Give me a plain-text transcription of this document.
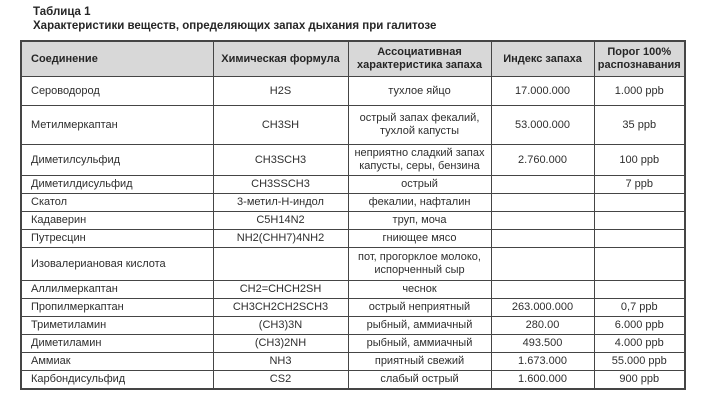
Таблица 1
Характеристики веществ, определяющих запах дыхания при галитозе
Соединение	Химическая формула	Ассоциативная характеристика запаха	Индекс запаха	Порог 100% распознавания
Сероводород	H2S	тухлое яйцо	17.000.000	1.000 ppb
Метилмеркаптан	CH3SH	острый запах фекалий, тухлой капусты	53.000.000	35 ppb
Диметилсульфид	CH3SCH3	неприятно сладкий запах капусты, серы, бензина	2.760.000	100 ppb
Диметилдисульфид	CH3SSCH3	острый		7 ppb
Скатол	3-метил-Н-индол	фекалии, нафталин		
Кадаверин	C5H14N2	труп, моча		
Путресцин	NH2(CHH7)4NH2	гниющее мясо		
Изовалериановая кислота		пот, прогорклое молоко, испорченный сыр		
Аллилмеркаптан	CH2=CHCH2SH	чеснок		
Пропилмеркаптан	CH3CH2CH2SCH3	острый неприятный	263.000.000	0,7 ppb
Триметиламин	(CH3)3N	рыбный, аммиачный	280.00	6.000 ppb
Диметиламин	(CH3)2NH	рыбный, аммиачный	493.500	4.000 ppb
Аммиак	NH3	приятный свежий	1.673.000	55.000 ppb
Карбондисульфид	CS2	слабый острый	1.600.000	900 ppb
